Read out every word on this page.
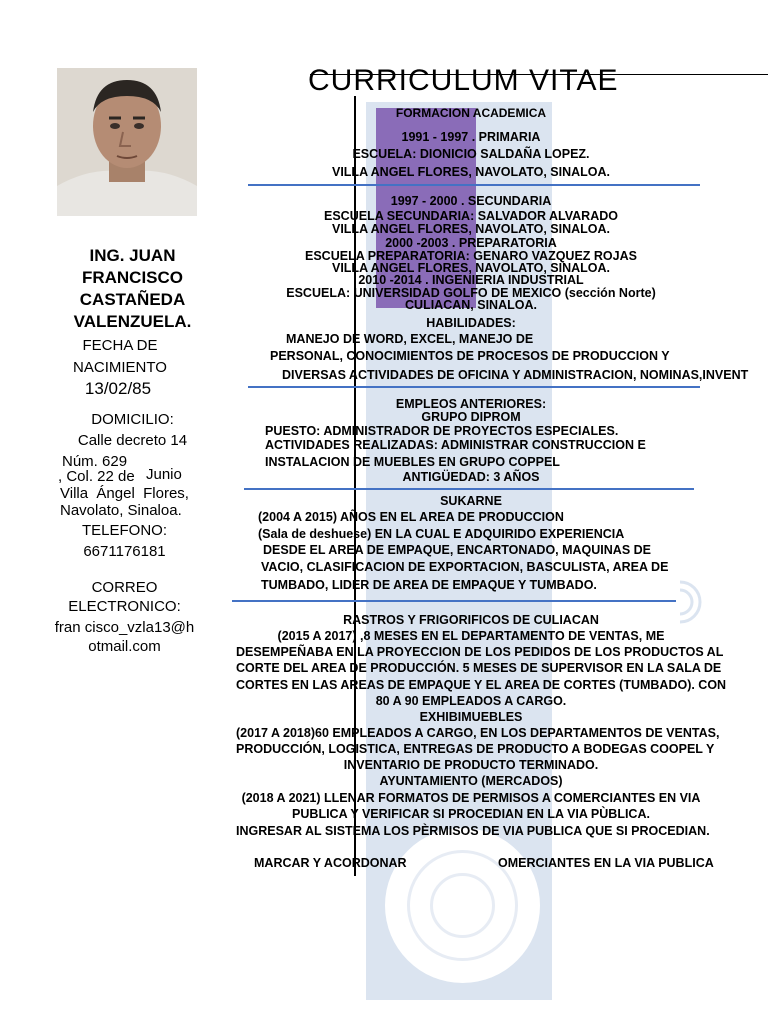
CURRICULUM VITAE
ING. JUAN
FRANCISCO
CASTAÑEDA
VALENZUELA.
FECHA DE
NACIMIENTO
13/02/85
DOMICILIO:
Calle decreto 14
Núm. 629
Junio
, Col. 22 de
Villa  Ángel  Flores,
Navolato, Sinaloa.
TELEFONO:
6671176181
CORREO
ELECTRONICO:
fran cisco_vzla13@h
otmail.com
FORMACION ACADEMICA
1991 - 1997 . PRIMARIA
ESCUELA: DIONICIO SALDAÑA LOPEZ.
VILLA ANGEL FLORES, NAVOLATO, SINALOA.
1997 - 2000 . SECUNDARIA
ESCUELA SECUNDARIA: SALVADOR ALVARADO
VILLA ANGEL FLORES, NAVOLATO, SINALOA.
2000 -2003 . PREPARATORIA
ESCUELA PREPARATORIA: GENARO VAZQUEZ ROJAS
VILLA ANGEL FLORES, NAVOLATO, SINALOA.
2010 -2014 . INGENIERIA INDUSTRIAL
ESCUELA: UNIVERSIDAD GOLFO DE MEXICO (sección Norte)
CULIACAN, SINALOA.
HABILIDADES:
MANEJO DE WORD, EXCEL, MANEJO DE
PERSONAL, CONOCIMIENTOS DE PROCESOS DE PRODUCCION Y
DIVERSAS ACTIVIDADES DE OFICINA Y ADMINISTRACION, NOMINAS,INVENT
EMPLEOS ANTERIORES:
GRUPO DIPROM
PUESTO: ADMINISTRADOR DE PROYECTOS ESPECIALES.
ACTIVIDADES REALIZADAS: ADMINISTRAR CONSTRUCCION E
INSTALACION DE MUEBLES EN GRUPO COPPEL
ANTIGÜEDAD: 3 AÑOS
SUKARNE
(2004 A 2015) AÑOS EN EL AREA DE PRODUCCION
(Sala de deshuese) EN LA CUAL E ADQUIRIDO EXPERIENCIA
DESDE EL AREA DE EMPAQUE, ENCARTONADO, MAQUINAS DE
VACIO, CLASIFICACION DE EXPORTACION, BASCULISTA, AREA DE
TUMBADO, LIDER DE AREA DE EMPAQUE Y TUMBADO.
RASTROS Y FRIGORIFICOS DE CULIACAN
(2015 A 2017) ,8 MESES EN EL DEPARTAMENTO DE VENTAS, ME
DESEMPEÑABA EN LA PROYECCION DE LOS PEDIDOS DE LOS PRODUCTOS AL
CORTE DEL AREA DE PRODUCCIÓN. 5 MESES DE SUPERVISOR EN LA SALA DE
CORTES EN LAS AREAS DE EMPAQUE Y EL AREA DE CORTES (TUMBADO). CON
80 A 90 EMPLEADOS A CARGO.
EXHIBIMUEBLES
(2017 A 2018)60 EMPLEADOS A CARGO, EN LOS DEPARTAMENTOS DE VENTAS,
PRODUCCIÓN, LOGISTICA, ENTREGAS DE PRODUCTO A BODEGAS COOPEL Y
INVENTARIO DE PRODUCTO TERMINADO.
AYUNTAMIENTO (MERCADOS)
(2018 A 2021) LLENAR FORMATOS DE PERMISOS A COMERCIANTES EN VIA
PUBLICA Y VERIFICAR SI PROCEDIAN EN LA VIA PÙBLICA.
INGRESAR AL SISTEMA LOS PÈRMISOS DE VIA PUBLICA QUE SI PROCEDIAN.
MARCAR Y ACORDONAR	OMERCIANTES EN LA VIA PUBLICA
